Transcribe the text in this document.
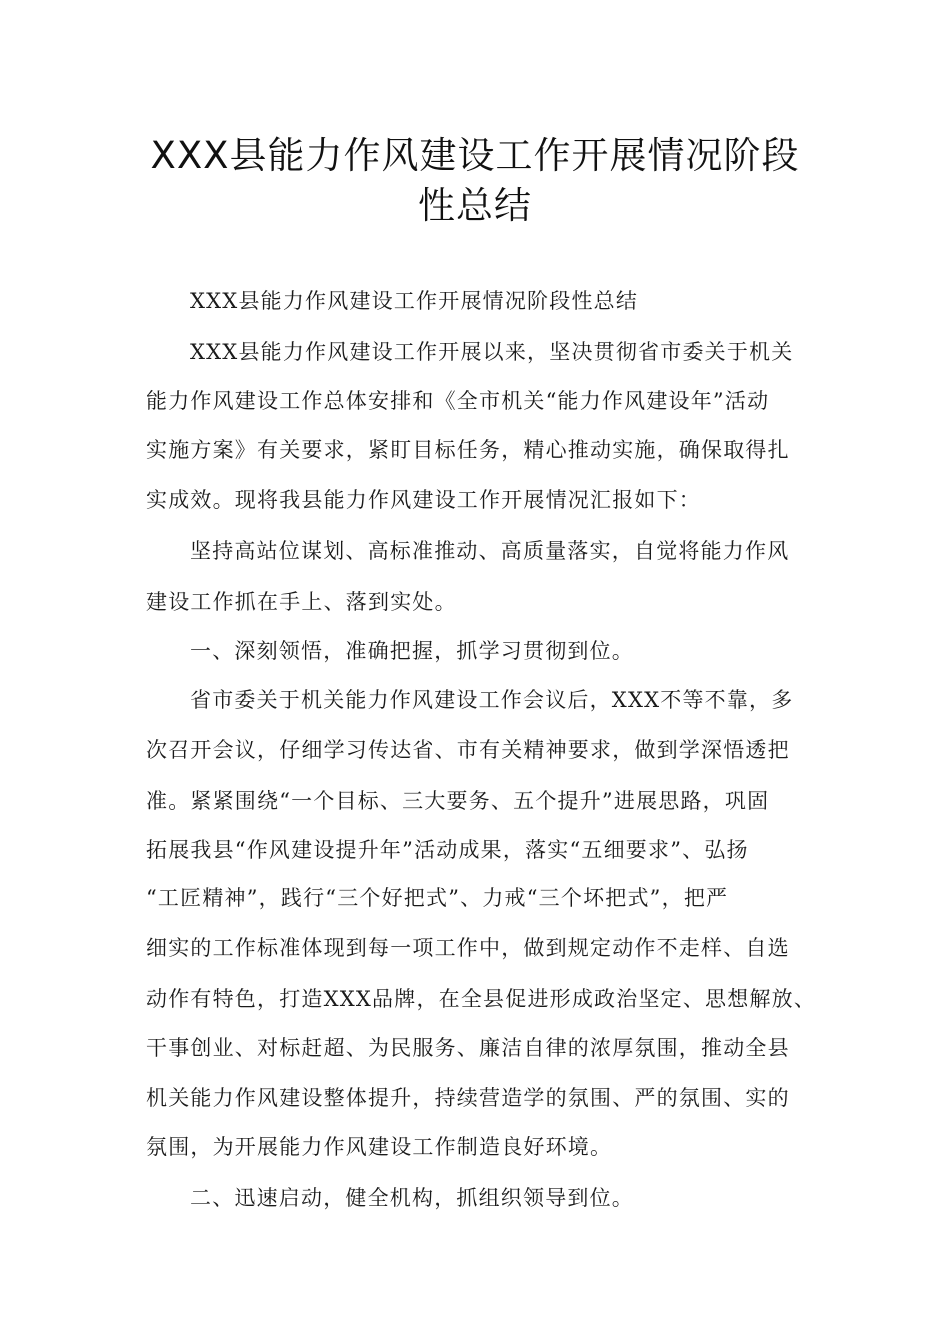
XXX县能力作风建设工作开展情况阶段
性总结
XXX县能力作风建设工作开展情况阶段性总结
XXX县能力作风建设工作开展以来，坚决贯彻省市委关于机关
能力作风建设工作总体安排和《全市机关“能力作风建设年”活动
实施方案》有关要求，紧盯目标任务，精心推动实施，确保取得扎
实成效。现将我县能力作风建设工作开展情况汇报如下：
坚持高站位谋划、高标准推动、高质量落实，自觉将能力作风
建设工作抓在手上、落到实处。
一、深刻领悟，准确把握，抓学习贯彻到位。
省市委关于机关能力作风建设工作会议后，XXX不等不靠，多
次召开会议，仔细学习传达省、市有关精神要求，做到学深悟透把
准。紧紧围绕“一个目标、三大要务、五个提升”进展思路，巩固
拓展我县“作风建设提升年”活动成果，落实“五细要求”、弘扬
“工匠精神”，践行“三个好把式”、力戒“三个坏把式”，把严
细实的工作标准体现到每一项工作中，做到规定动作不走样、自选
动作有特色，打造XXX品牌，在全县促进形成政治坚定、思想解放、
干事创业、对标赶超、为民服务、廉洁自律的浓厚氛围，推动全县
机关能力作风建设整体提升，持续营造学的氛围、严的氛围、实的
氛围，为开展能力作风建设工作制造良好环境。
二、迅速启动，健全机构，抓组织领导到位。
